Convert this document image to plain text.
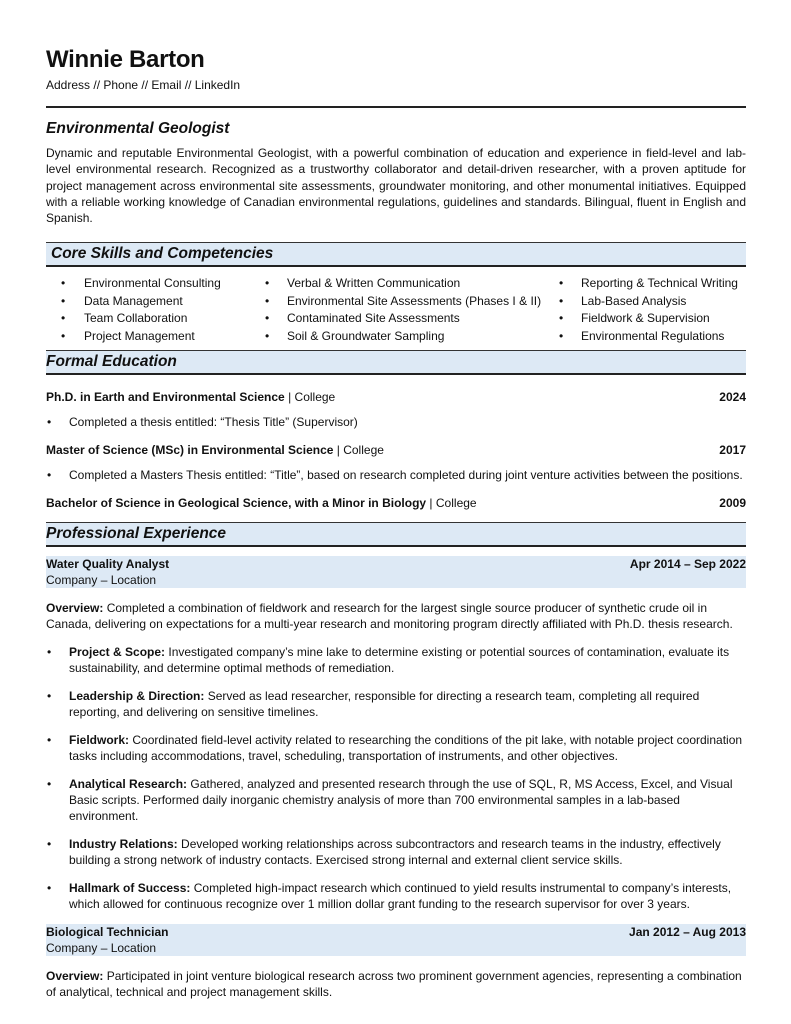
Winnie Barton
Address // Phone // Email // LinkedIn
Environmental Geologist
Dynamic and reputable Environmental Geologist, with a powerful combination of education and experience in field-level and lab-level environmental research. Recognized as a trustworthy collaborator and detail-driven researcher, with a proven aptitude for project management across environmental site assessments, groundwater monitoring, and other monumental initiatives. Equipped with a reliable working knowledge of Canadian environmental regulations, guidelines and standards. Bilingual, fluent in English and Spanish.
Core Skills and Competencies
• Environmental Consulting
• Data Management
• Team Collaboration
• Project Management
• Verbal & Written Communication
• Environmental Site Assessments (Phases I & II)
• Contaminated Site Assessments
• Soil & Groundwater Sampling
• Reporting & Technical Writing
• Lab-Based Analysis
• Fieldwork & Supervision
• Environmental Regulations
Formal Education
Ph.D. in Earth and Environmental Science | College	2024
• Completed a thesis entitled: “Thesis Title” (Supervisor)
Master of Science (MSc) in Environmental Science | College	2017
• Completed a Masters Thesis entitled: “Title”, based on research completed during joint venture activities between the positions.
Bachelor of Science in Geological Science, with a Minor in Biology | College	2009
Professional Experience
Water Quality Analyst	Apr 2014 – Sep 2022
Company – Location
Overview: Completed a combination of fieldwork and research for the largest single source producer of synthetic crude oil in Canada, delivering on expectations for a multi-year research and monitoring program directly affiliated with Ph.D. thesis research.
• Project & Scope: Investigated company’s mine lake to determine existing or potential sources of contamination, evaluate its sustainability, and determine optimal methods of remediation.
• Leadership & Direction: Served as lead researcher, responsible for directing a research team, completing all required reporting, and delivering on sensitive timelines.
• Fieldwork: Coordinated field-level activity related to researching the conditions of the pit lake, with notable project coordination tasks including accommodations, travel, scheduling, transportation of instruments, and other objectives.
• Analytical Research: Gathered, analyzed and presented research through the use of SQL, R, MS Access, Excel, and Visual Basic scripts. Performed daily inorganic chemistry analysis of more than 700 environmental samples in a lab-based environment.
• Industry Relations: Developed working relationships across subcontractors and research teams in the industry, effectively building a strong network of industry contacts. Exercised strong internal and external client service skills.
• Hallmark of Success: Completed high-impact research which continued to yield results instrumental to company’s interests, which allowed for continuous recognize over 1 million dollar grant funding to the research supervisor for over 3 years.
Biological Technician	Jan 2012 – Aug 2013
Company – Location
Overview: Participated in joint venture biological research across two prominent government agencies, representing a combination of analytical, technical and project management skills.
